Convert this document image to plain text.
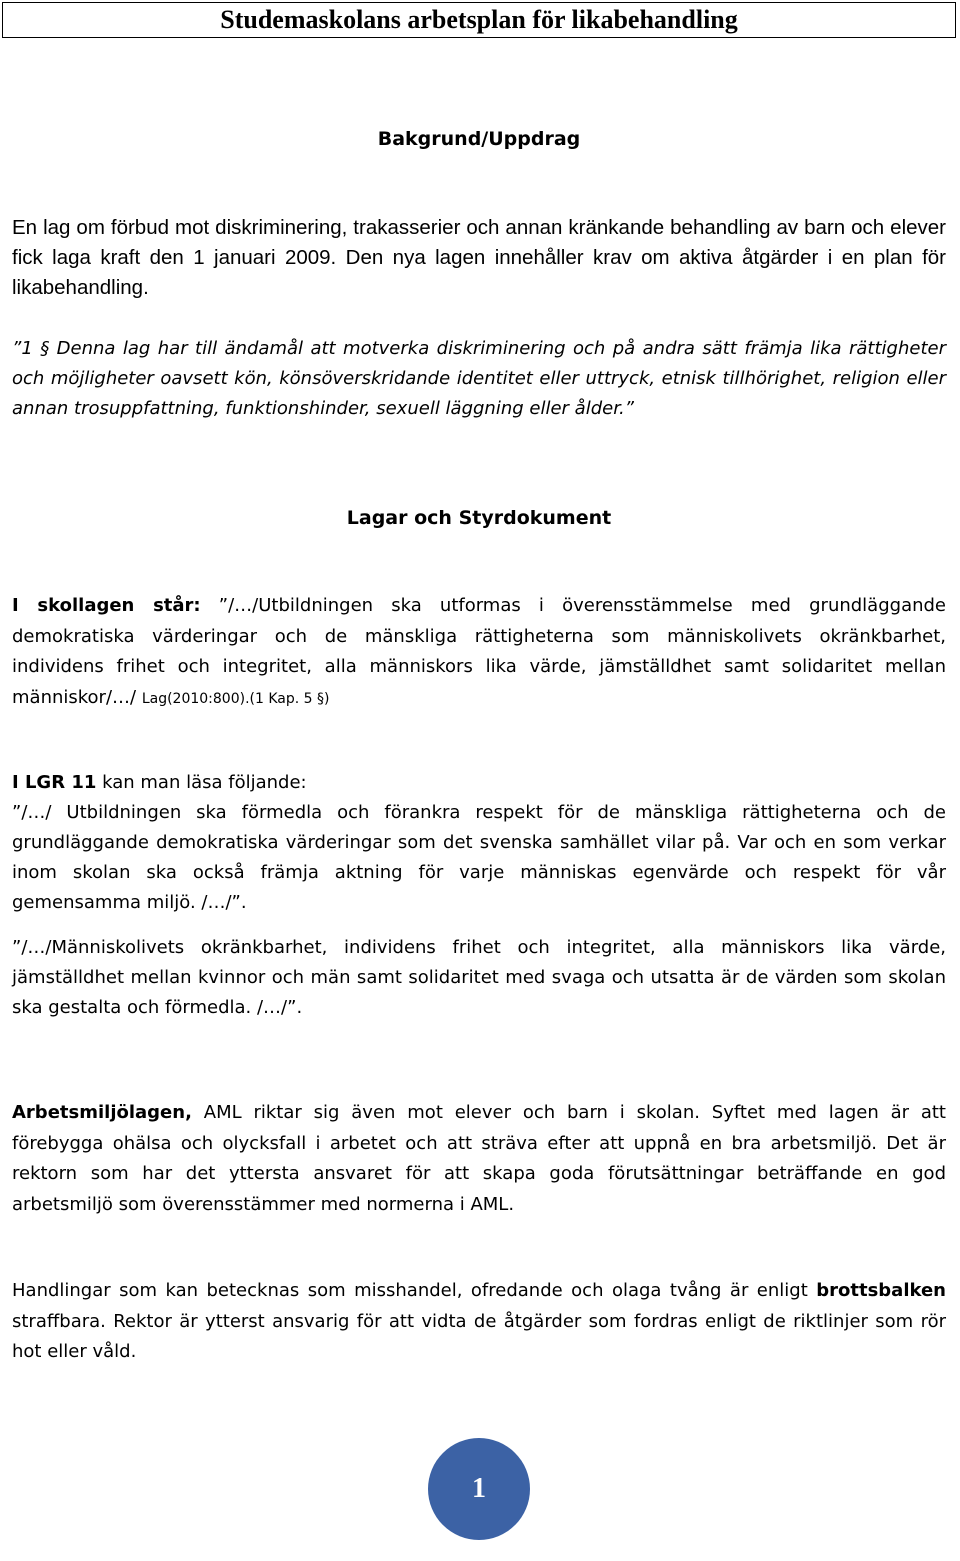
Studemaskolans arbetsplan för likabehandling
Bakgrund/Uppdrag

En lag om förbud mot diskriminering, trakasserier och annan kränkande behandling av barn och elever fick laga kraft den 1 januari 2009. Den nya lagen innehåller krav om aktiva åtgärder i en plan för likabehandling.

”1 § Denna lag har till ändamål att motverka diskriminering och på andra sätt främja lika rättigheter och möjligheter oavsett kön, könsöverskridande identitet eller uttryck, etnisk tillhörighet, religion eller annan trosuppfattning, funktionshinder, sexuell läggning eller ålder.”

Lagar och Styrdokument

I skollagen står: ”/…/Utbildningen ska utformas i överensstämmelse med grundläggande demokratiska värderingar och de mänskliga rättigheterna som människolivets okränkbarhet, individens frihet och integritet, alla människors lika värde, jämställdhet samt solidaritet mellan människor/…/ Lag(2010:800).(1 Kap. 5 §)

I LGR 11 kan man läsa följande:

”/…/ Utbildningen ska förmedla och förankra respekt för de mänskliga rättigheterna och de grundläggande demokratiska värderingar som det svenska samhället vilar på. Var och en som verkar inom skolan ska också främja aktning för varje människas egenvärde och respekt för vår gemensamma miljö. /…/”.

”/…/Människolivets okränkbarhet, individens frihet och integritet, alla människors lika värde, jämställdhet mellan kvinnor och män samt solidaritet med svaga och utsatta är de värden som skolan ska gestalta och förmedla. /…/”.

Arbetsmiljölagen, AML riktar sig även mot elever och barn i skolan. Syftet med lagen är att förebygga ohälsa och olycksfall i arbetet och att sträva efter att uppnå en bra arbetsmiljö. Det är rektorn som har det yttersta ansvaret för att skapa goda förutsättningar beträffande en god arbetsmiljö som överensstämmer med normerna i AML.

Handlingar som kan betecknas som misshandel, ofredande och olaga tvång är enligt brottsbalken straffbara. Rektor är ytterst ansvarig för att vidta de åtgärder som fordras enligt de riktlinjer som rör hot eller våld.

1
